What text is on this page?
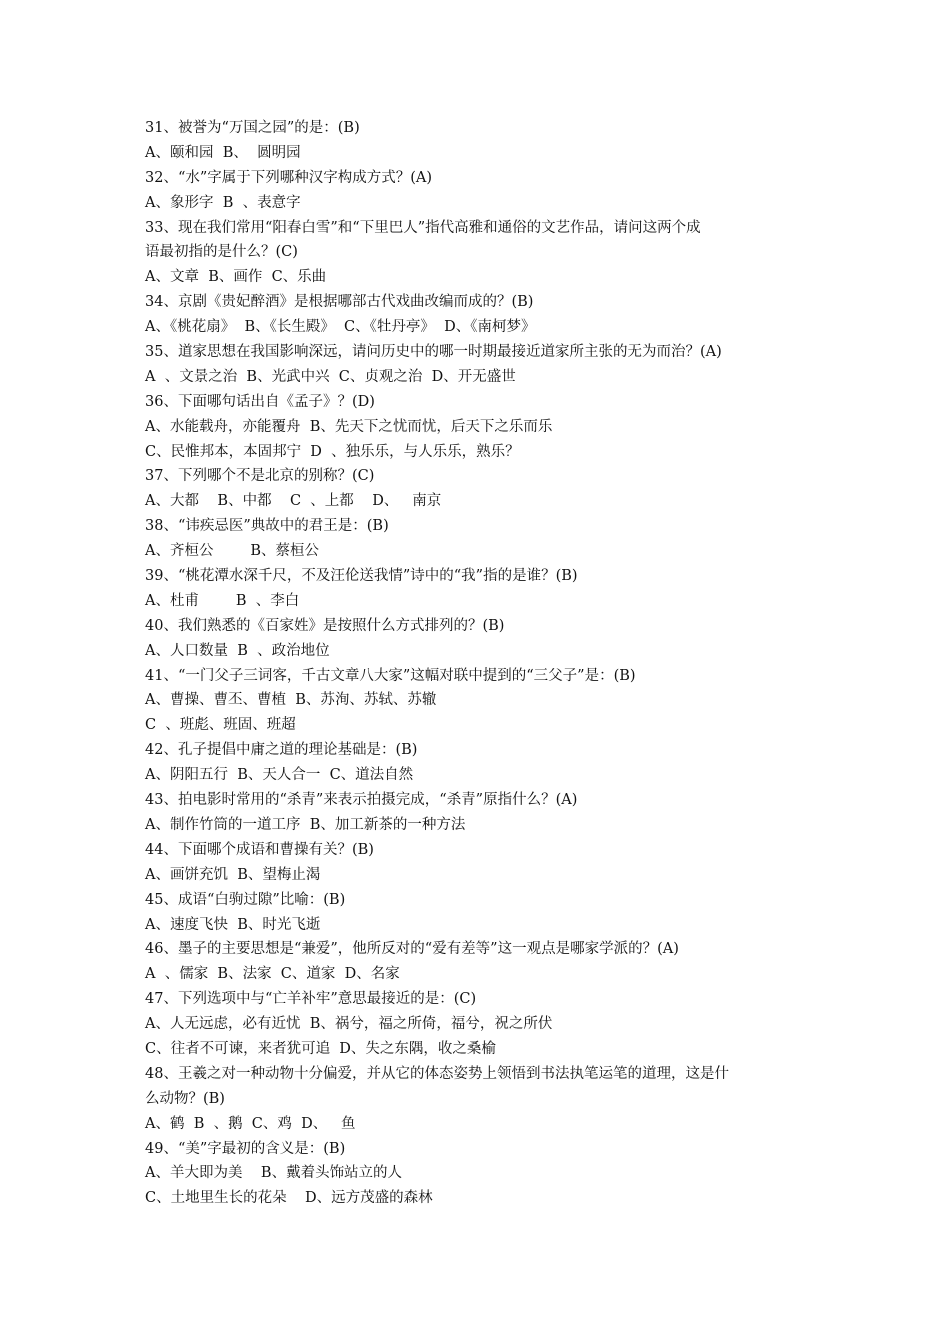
31、被誉为“万国之园”的是：(B)

A、颐和园  B、  圆明园

32、“水”字属于下列哪种汉字构成方式？(A)

A、象形字  B  、表意字

33、现在我们常用“阳春白雪”和“下里巴人”指代高雅和通俗的文艺作品，请问这两个成

语最初指的是什么？(C)

A、文章  B、画作  C、乐曲

34、京剧《贵妃醉酒》是根据哪部古代戏曲改编而成的？(B)

A、《桃花扇》  B、《长生殿》  C、《牡丹亭》  D、《南柯梦》

35、道家思想在我国影响深远，请问历史中的哪一时期最接近道家所主张的无为而治？(A)

A  、文景之治  B、光武中兴  C、贞观之治  D、开无盛世

36、下面哪句话出自《孟子》？(D)

A、水能载舟，亦能覆舟  B、先天下之忧而忧，后天下之乐而乐

C、民惟邦本，本固邦宁  D  、独乐乐，与人乐乐，熟乐？

37、下列哪个不是北京的别称？(C)

A、大都    B、中都    C  、上都    D、   南京

38、“讳疾忌医”典故中的君王是：(B)

A、齐桓公        B、蔡桓公

39、“桃花潭水深千尺，不及汪伦送我情”诗中的“我”指的是谁？(B)

A、杜甫        B  、李白

40、我们熟悉的《百家姓》是按照什么方式排列的？(B)

A、人口数量  B  、政治地位

41、“一门父子三词客，千古文章八大家”这幅对联中提到的“三父子”是：(B)

A、曹操、曹丕、曹植  B、苏洵、苏轼、苏辙

C  、班彪、班固、班超

42、孔子提倡中庸之道的理论基础是：(B)

A、阴阳五行  B、天人合一  C、道法自然

43、拍电影时常用的“杀青”来表示拍摄完成，“杀青”原指什么？(A)

A、制作竹筒的一道工序  B、加工新茶的一种方法

44、下面哪个成语和曹操有关？(B)

A、画饼充饥  B、望梅止渴

45、成语“白驹过隙”比喻：(B)

A、速度飞快  B、时光飞逝

46、墨子的主要思想是“兼爱”，他所反对的“爱有差等”这一观点是哪家学派的？(A)

A  、儒家  B、法家  C、道家  D、名家

47、下列选项中与“亡羊补牢”意思最接近的是：(C)

A、人无远虑，必有近忧  B、祸兮，福之所倚，福兮，祝之所伏

C、往者不可谏，来者犹可追  D、失之东隅，收之桑榆

48、王羲之对一种动物十分偏爱，并从它的体态姿势上领悟到书法执笔运笔的道理，这是什

么动物？(B)

A、鹤  B  、鹅  C、鸡  D、   鱼

49、“美”字最初的含义是：(B)

A、羊大即为美    B、戴着头饰站立的人

C、土地里生长的花朵    D、远方茂盛的森林
